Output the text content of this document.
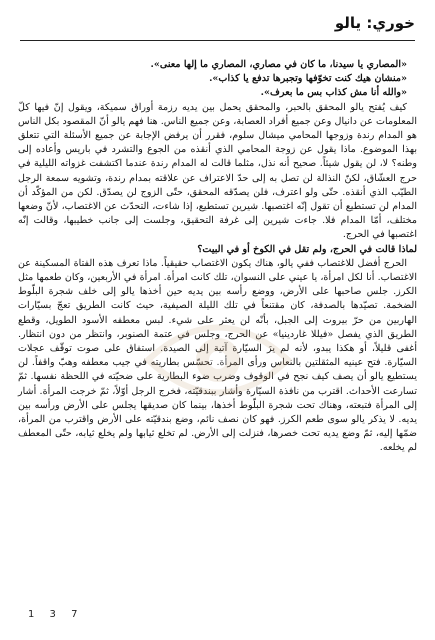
خوري: يالو

«المصاري يا سيدنا، ما كان في مصاري، المصاري ما إلها معنى».

«منشان هيك كنت تخوّفها وتجبرها تدفع يا كذاب».

«والله أنا مش كذاب بس ما بعرف».

كيف يُفتح يالو المحقق بالحبر، والمحقق يحمل بين يديه رزمة أوراق سميكة، ويقول إنّ فيها كلّ المعلومات عن دانيال وعن جميع أفراد العصابة، وعن جميع الناس. هنا فهم يالو أنّ المقصود بكل الناس هو المدام رندة وزوجها المحامي ميشال سلوم، فقرر أن يرفض الإجابة عن جميع الأسئلة التي تتعلق بهذا الموضوع. ماذا يقول عن زوجة المحامي الذي أنقذه من الجوع والتشرد في باريس وأعاده إلى وطنه؟ لا، لن يقول شيئاً. صحيح أنه نذل، مثلما قالت له المدام رندة عندما اكتشفت غزواته الليلية في حرج العشّاق، لكنّ النذالة لن تصل به إلى حدّ الاعتراف عن علاقته بمدام رندة، وتشويه سمعة الرجل الطيّب الذي أنقذه. حتّى ولو اعترف، فلن يصدّقه المحقق، حتّى الزوج لن يصدّق. لكن من المؤكّد أن المدام لن تستطيع أن تقول إنّه اغتصبها. شيرين تستطيع، إذا شاءت، التحدّث عن الاغتصاب، لأنّ وضعها مختلف، أمّا المدام فلا. جاءت شيرين إلى غرفة التحقيق، وجلست إلى جانب خطيبها، وقالت إنّه اغتصبها في الحرج.

لماذا قالت في الحرج، ولم تقل في الكوخ أو في البيت؟

الحرج أفضل للاغتصاب ففي يالو، هناك يكون الاغتصاب حقيقياً. ماذا تعرف هذه الفتاة المسكينة عن الاغتصاب. أنا لكل امرأة، يا عيني على النسوان، تلك كانت امرأة. امرأة في الأربعين، وكان طعمها مثل الكرز. جلس صاحبها على الأرض، ووضع رأسه بين يديه حين أخذها يالو إلى خلف شجرة البلّوط الضخمة. تصيّدها بالصدفة، كان مقتنعاً في تلك الليلة الصيفية، حيث كانت الطريق تعجّ بسيّارات الهاربين من حرّ بيروت إلى الجبل، بأنّه لن يعثر على شيء. لبس معطفه الأسود الطويل، وقطع الطريق الذي يفصل «فيللا غاردينيا» عن الحرج، وجلس في عتمة الصنوبر، وانتظر من دون انتظار. أغفى قليلاً، أو هكذا يبدو، لأنه لم يرَ السيّارة آتية إلى الصيدة. استفاق على صوت توقّف عجلات السيّارة. فتح عينيه المثقلتين بالنعاس ورأى المرأة. تحسّس بطاريته في جيب معطفه وهبّ واقفاً. لن يستطيع يالو أن يصف كيف نجح في الوقوف وضرب ضوء البطارية على ضحيّته في اللحظة نفسها. ثمّ تسارعت الأحداث. اقترب من نافذة السيّارة وأشار ببندقيّته، فخرج الرجل أوّلاً، ثمّ خرجت المرأة. أشار إلى المرأة فتبعته، وهناك تحت شجرة البلّوط أخذها، بينما كان صديقها يجلس على الأرض ورأسه بين يديه. لا يذكر يالو سوى طعم الكرز. فهو كان نصف نائم، وضع بندقيّته على الأرض واقترب من المرأة، ضمّها إليه، ثمّ وضع يديه تحت خصرها، فنزلت إلى الأرض. لم تخلع ثيابها ولم يخلع ثيابه، حتّى المعطف لم يخلعه.

1 3 7
